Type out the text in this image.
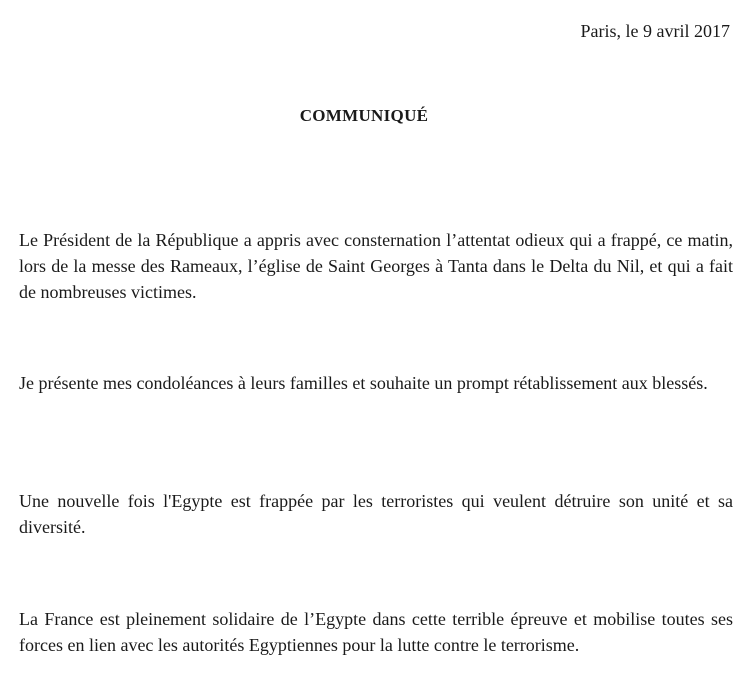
Paris, le 9 avril 2017
COMMUNIQUÉ

Le Président de la République a appris avec consternation l’attentat odieux qui a frappé, ce matin, lors de la messe des Rameaux, l’église de Saint Georges à Tanta dans le Delta du Nil, et qui a fait de nombreuses victimes.

Je présente mes condoléances à leurs familles et souhaite un prompt rétablissement aux blessés.

Une nouvelle fois l'Egypte est frappée par les terroristes qui veulent détruire son unité et sa diversité.

La France est pleinement solidaire de l’Egypte dans cette terrible épreuve et mobilise toutes ses forces en lien avec les autorités Egyptiennes pour la lutte contre le terrorisme.
